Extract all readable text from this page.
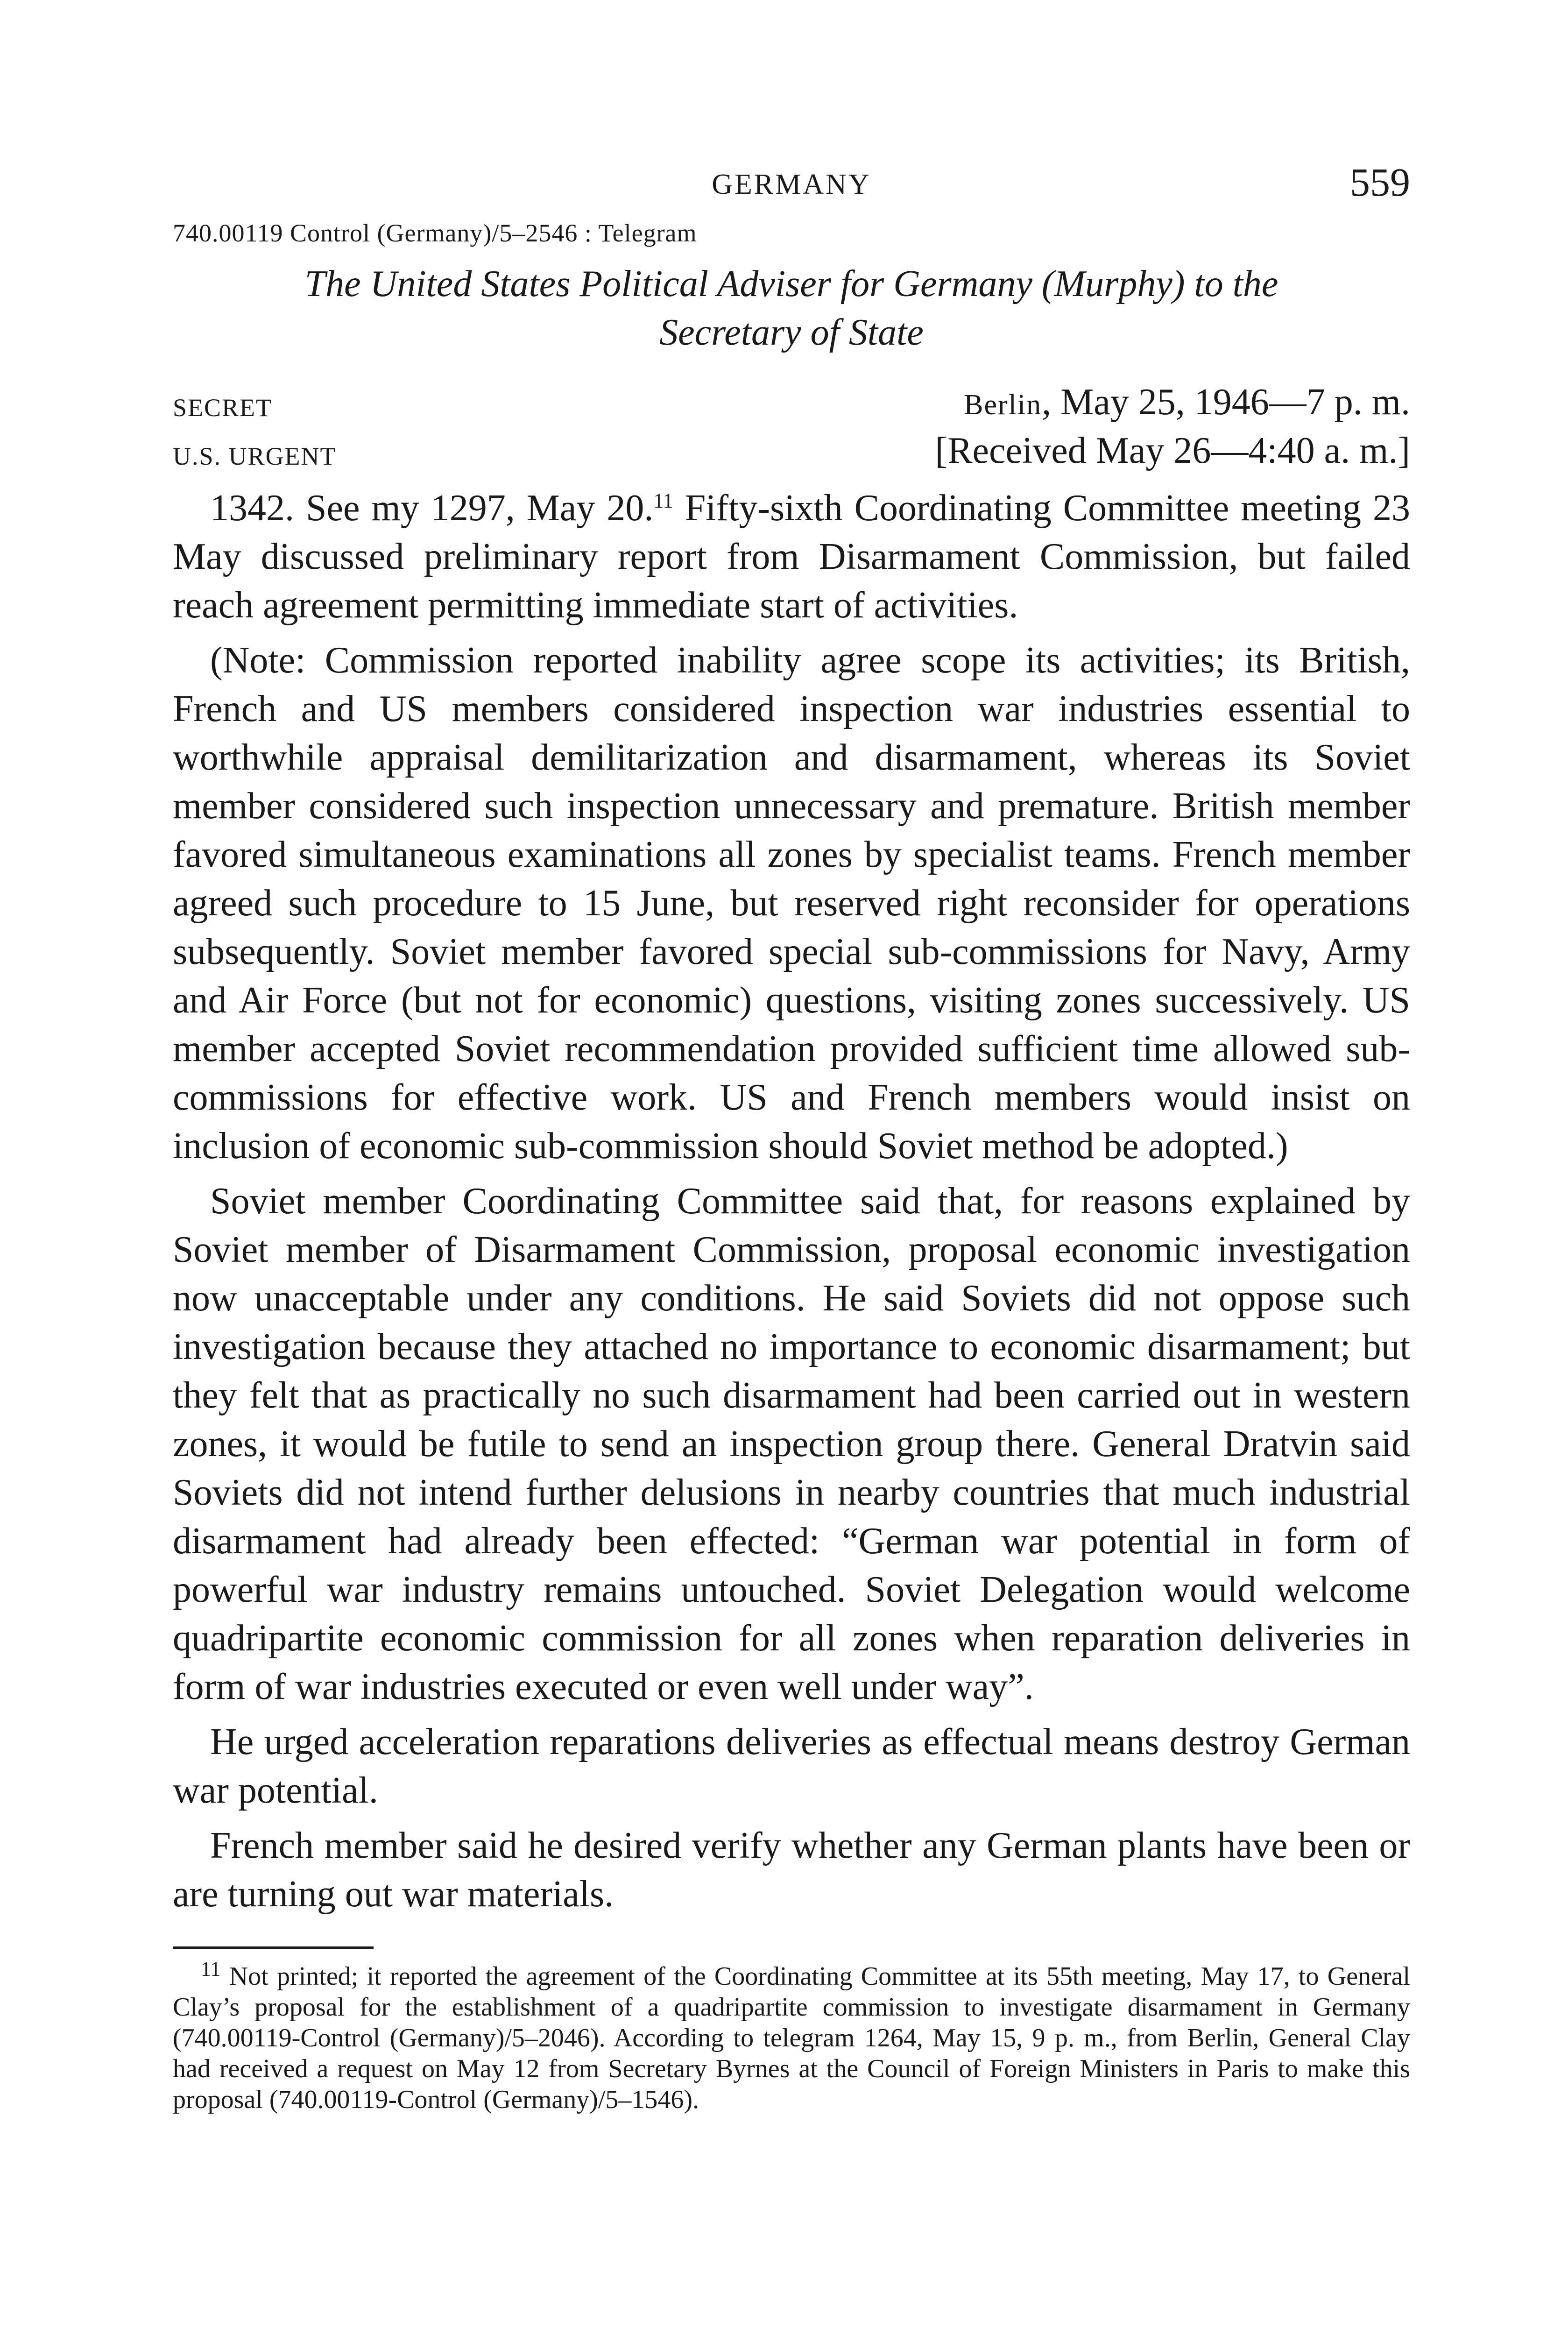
GERMANY	559
740.00119 Control (Germany)/5–2546 : Telegram
The United States Political Adviser for Germany (Murphy) to the
Secretary of State
SECRET
U.S. URGENT
Berlin, May 25, 1946—7 p. m.
[Received May 26—4:40 a. m.]

1342. See my 1297, May 20.11 Fifty-sixth Coordinating Committee meeting 23 May discussed preliminary report from Disarmament Commission, but failed reach agreement permitting immediate start of activities.

(Note: Commission reported inability agree scope its activities; its British, French and US members considered inspection war industries essential to worthwhile appraisal demilitarization and disarmament, whereas its Soviet member considered such inspection unnecessary and premature. British member favored simultaneous examinations all zones by specialist teams. French member agreed such procedure to 15 June, but reserved right reconsider for operations subsequently. Soviet member favored special sub-commissions for Navy, Army and Air Force (but not for economic) questions, visiting zones successively. US member accepted Soviet recommendation provided sufficient time allowed sub-commissions for effective work. US and French members would insist on inclusion of economic sub-commission should Soviet method be adopted.)

Soviet member Coordinating Committee said that, for reasons explained by Soviet member of Disarmament Commission, proposal economic investigation now unacceptable under any conditions. He said Soviets did not oppose such investigation because they attached no importance to economic disarmament; but they felt that as practically no such disarmament had been carried out in western zones, it would be futile to send an inspection group there. General Dratvin said Soviets did not intend further delusions in nearby countries that much industrial disarmament had already been effected: “German war potential in form of powerful war industry remains untouched. Soviet Delegation would welcome quadripartite economic commission for all zones when reparation deliveries in form of war industries executed or even well under way”.

He urged acceleration reparations deliveries as effectual means destroy German war potential.

French member said he desired verify whether any German plants have been or are turning out war materials.

$^{11}$ Not printed; it reported the agreement of the Coordinating Committee at its 55th meeting, May 17, to General Clay’s proposal for the establishment of a quadripartite commission to investigate disarmament in Germany (740.00119-Control (Germany)/5–2046). According to telegram 1264, May 15, 9 p. m., from Berlin, General Clay had received a request on May 12 from Secretary Byrnes at the Council of Foreign Ministers in Paris to make this proposal (740.00119-Control (Germany)/5–1546).
